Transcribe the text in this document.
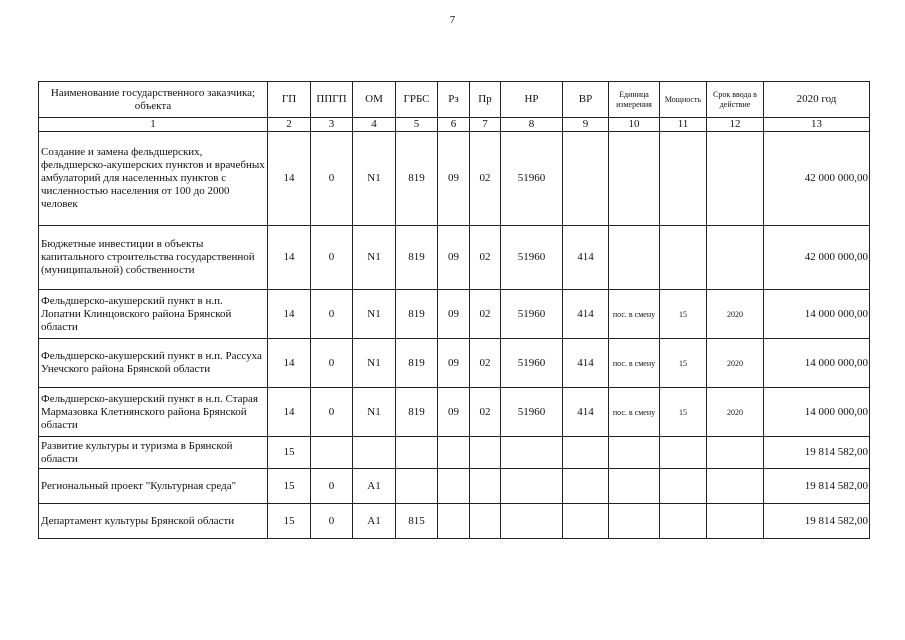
7
Наименование государственного заказчика; объекта	ГП	ППГП	ОМ	ГРБС	Рз	Пр	НР	ВР	Единица измерения	Мощность	Срок ввода в действие	2020 год
1	2	3	4	5	6	7	8	9	10	11	12	13
Создание и замена фельдшерских, фельдшерско-акушерских пунктов и врачебных амбулаторий для населенных пунктов с численностью населения от 100 до 2000 человек	14	0	N1	819	09	02	51960					42 000 000,00
Бюджетные инвестиции в объекты капитального строительства государственной (муниципальной) собственности	14	0	N1	819	09	02	51960	414				42 000 000,00
Фельдшерско-акушерский пункт в н.п. Лопатни Клинцовского района Брянской области	14	0	N1	819	09	02	51960	414	пос. в смену	15	2020	14 000 000,00
Фельдшерско-акушерский пункт в н.п. Рассуха Унечского района Брянской области	14	0	N1	819	09	02	51960	414	пос. в смену	15	2020	14 000 000,00
Фельдшерско-акушерский пункт в н.п. Старая Мармазовка Клетнянского района Брянской области	14	0	N1	819	09	02	51960	414	пос. в смену	15	2020	14 000 000,00
Развитие культуры и туризма в Брянской области	15											19 814 582,00
Региональный проект "Культурная среда"	15	0	A1									19 814 582,00
Департамент культуры Брянской области	15	0	A1	815								19 814 582,00
